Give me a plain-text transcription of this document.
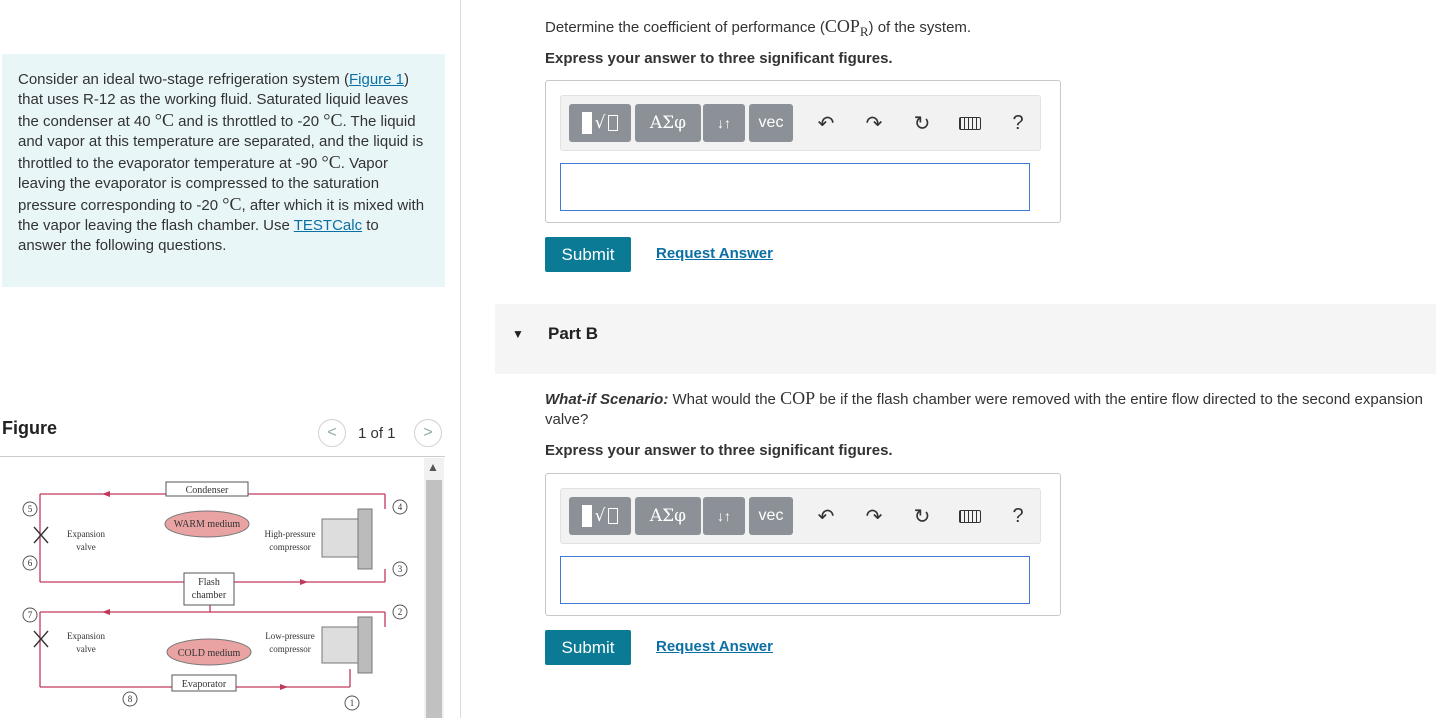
Consider an ideal two-stage refrigeration system (Figure 1) that uses R-12 as the working fluid. Saturated liquid leaves the condenser at 40 °C and is throttled to -20 °C. The liquid and vapor at this temperature are separated, and the liquid is throttled to the evaporator temperature at -90 °C. Vapor leaving the evaporator is compressed to the saturation pressure corresponding to -20 °C, after which it is mixed with the vapor leaving the flash chamber. Use TESTCalc to answer the following questions.
Figure	< 1 of 1 >
Condenser
WARM medium
High-pressure
compressor
Flash
chamber
Expansion
valve
Expansion
valve
Low-pressure
compressor
COLD medium
Evaporator
5
6
7
8	1
2
3
4
▲
Determine the coefficient of performance $(COP_R)$ of the system.
Express your answer to three significant figures.
√	ΑΣφ ↓↑ vec ↶ ↷ ↻	?
Submit	Request Answer
▼ Part B
What-if Scenario: What would the COP be if the flash chamber were removed with the entire flow directed to the second expansion valve?
Express your answer to three significant figures.
√	ΑΣφ ↓↑ vec ↶ ↷ ↻	?
Submit	Request Answer
